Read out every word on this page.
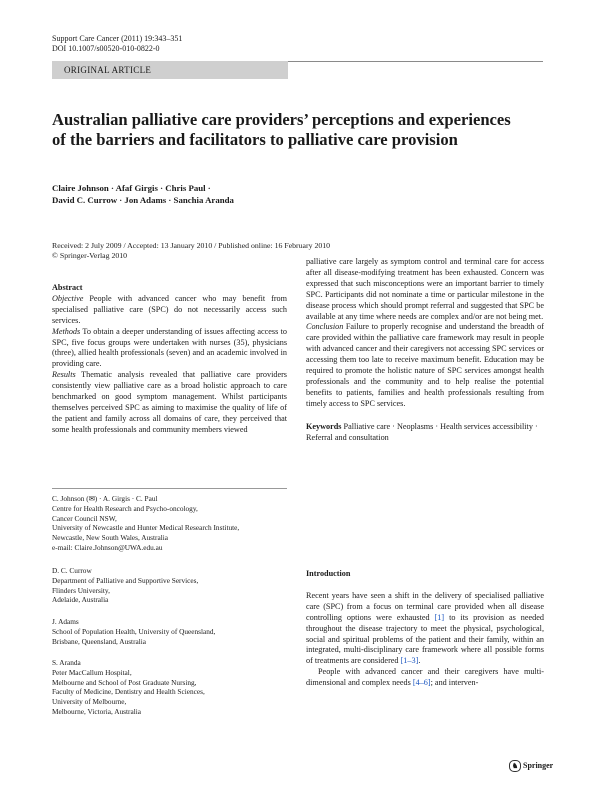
Support Care Cancer (2011) 19:343–351
DOI 10.1007/s00520-010-0822-0
ORIGINAL ARTICLE
Australian palliative care providers’ perceptions and experiences of the barriers and facilitators to palliative care provision
Claire Johnson · Afaf Girgis · Chris Paul ·
David C. Currow · Jon Adams · Sanchia Aranda
Received: 2 July 2009 / Accepted: 13 January 2010 / Published online: 16 February 2010
© Springer-Verlag 2010
Abstract

Objective People with advanced cancer who may benefit from specialised palliative care (SPC) do not necessarily access such services.

Methods To obtain a deeper understanding of issues affecting access to SPC, five focus groups were undertaken with nurses (35), physicians (three), allied health professionals (seven) and an academic involved in providing care.

Results Thematic analysis revealed that palliative care providers consistently view palliative care as a broad holistic approach to care benchmarked on good symptom management. Whilst participants themselves perceived SPC as aiming to maximise the quality of life of the patient and family across all domains of care, they perceived that some health professionals and community members viewed

palliative care largely as symptom control and terminal care for access after all disease-modifying treatment has been exhausted. Concern was expressed that such misconceptions were an important barrier to timely SPC. Participants did not nominate a time or particular milestone in the disease process which should prompt referral and suggested that SPC be available at any time where needs are complex and/or are not being met.

Conclusion Failure to properly recognise and understand the breadth of care provided within the palliative care framework may result in people with advanced cancer and their caregivers not accessing SPC services or accessing them too late to receive maximum benefit. Education may be required to promote the holistic nature of SPC services amongst health professionals and the community and to help realise the potential benefits to patients, families and health professionals resulting from timely access to SPC services.

Keywords Palliative care · Neoplasms · Health services accessibility · Referral and consultation

C. Johnson (✉) · A. Girgis · C. Paul
Centre for Health Research and Psycho-oncology,
Cancer Council NSW,
University of Newcastle and Hunter Medical Research Institute,
Newcastle, New South Wales, Australia
e-mail: Claire.Johnson@UWA.edu.au
D. C. Currow
Department of Palliative and Supportive Services,
Flinders University,
Adelaide, Australia
J. Adams
School of Population Health, University of Queensland,
Brisbane, Queensland, Australia
S. Aranda
Peter MacCallum Hospital,
Melbourne and School of Post Graduate Nursing,
Faculty of Medicine, Dentistry and Health Sciences,
University of Melbourne,
Melbourne, Victoria, Australia
Introduction

Recent years have seen a shift in the delivery of specialised palliative care (SPC) from a focus on terminal care provided when all disease controlling options were exhausted [1] to its provision as needed throughout the disease trajectory to meet the physical, psychological, social and spiritual problems of the patient and their family, within an integrated, multi-disciplinary care framework where all possible forms of treatments are considered [1–3].

People with advanced cancer and their caregivers have multi-dimensional and complex needs [4–6]; and interven-

♞ Springer
